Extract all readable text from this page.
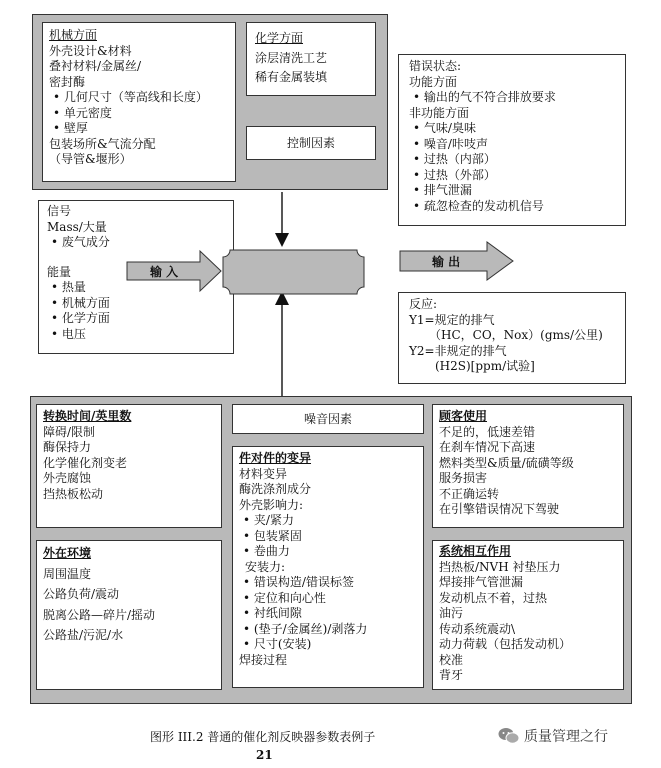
机械方面
外壳设计&材料
叠衬材料/金属丝/
密封酶
• 几何尺寸（等高线和长度）
• 单元密度
• 壁厚
包装场所&气流分配
（导管&堰形）
化学方面
涂层清洗工艺
稀有金属装填
控制因素
信号
Mass/大量
• 废气成分
能量
• 热量
• 机械方面
• 化学方面
• 电压
错误状态:
功能方面
• 输出的气不符合排放要求
非功能方面
• 气味/臭味
• 噪音/咔吱声
• 过热（内部）
• 过热（外部）
• 排气泄漏
• 疏忽检查的发动机信号
反应:
Y1=规定的排气
（HC，CO，Nox）(gms/公里)
Y2=非规定的排气
(H2S)[ppm/试验]
输 入
输 出
转换时间/英里数
障碍/限制
酶保持力
化学催化剂变老
外壳腐蚀
挡热板松动
噪音因素	顾客使用
不足的，低速差错
在刹车情况下高速
燃料类型&质量/硫磺等级
服务损害
不正确运转
在引擎错误情况下驾驶
件对件的变异
材料变异
酶洗涤剂成分
外壳影响力:
• 夹/紧力
• 包装紧固
• 卷曲力
安装力:
• 错误构造/错误标签
• 定位和向心性
• 衬纸间隙
• (垫子/金属丝)/剥落力
• 尺寸(安装)
焊接过程
外在环境
周围温度
公路负荷/震动
脱离公路—碎片/摇动
公路盐/污泥/水
系统相互作用
挡热板/NVH 衬垫压力
焊接排气管泄漏
发动机点不着，过热
油污
传动系统震动\
动力荷载（包括发动机）
校准
背牙
图形 III.2 普通的催化剂反映器参数表例子
21
质量管理之行
